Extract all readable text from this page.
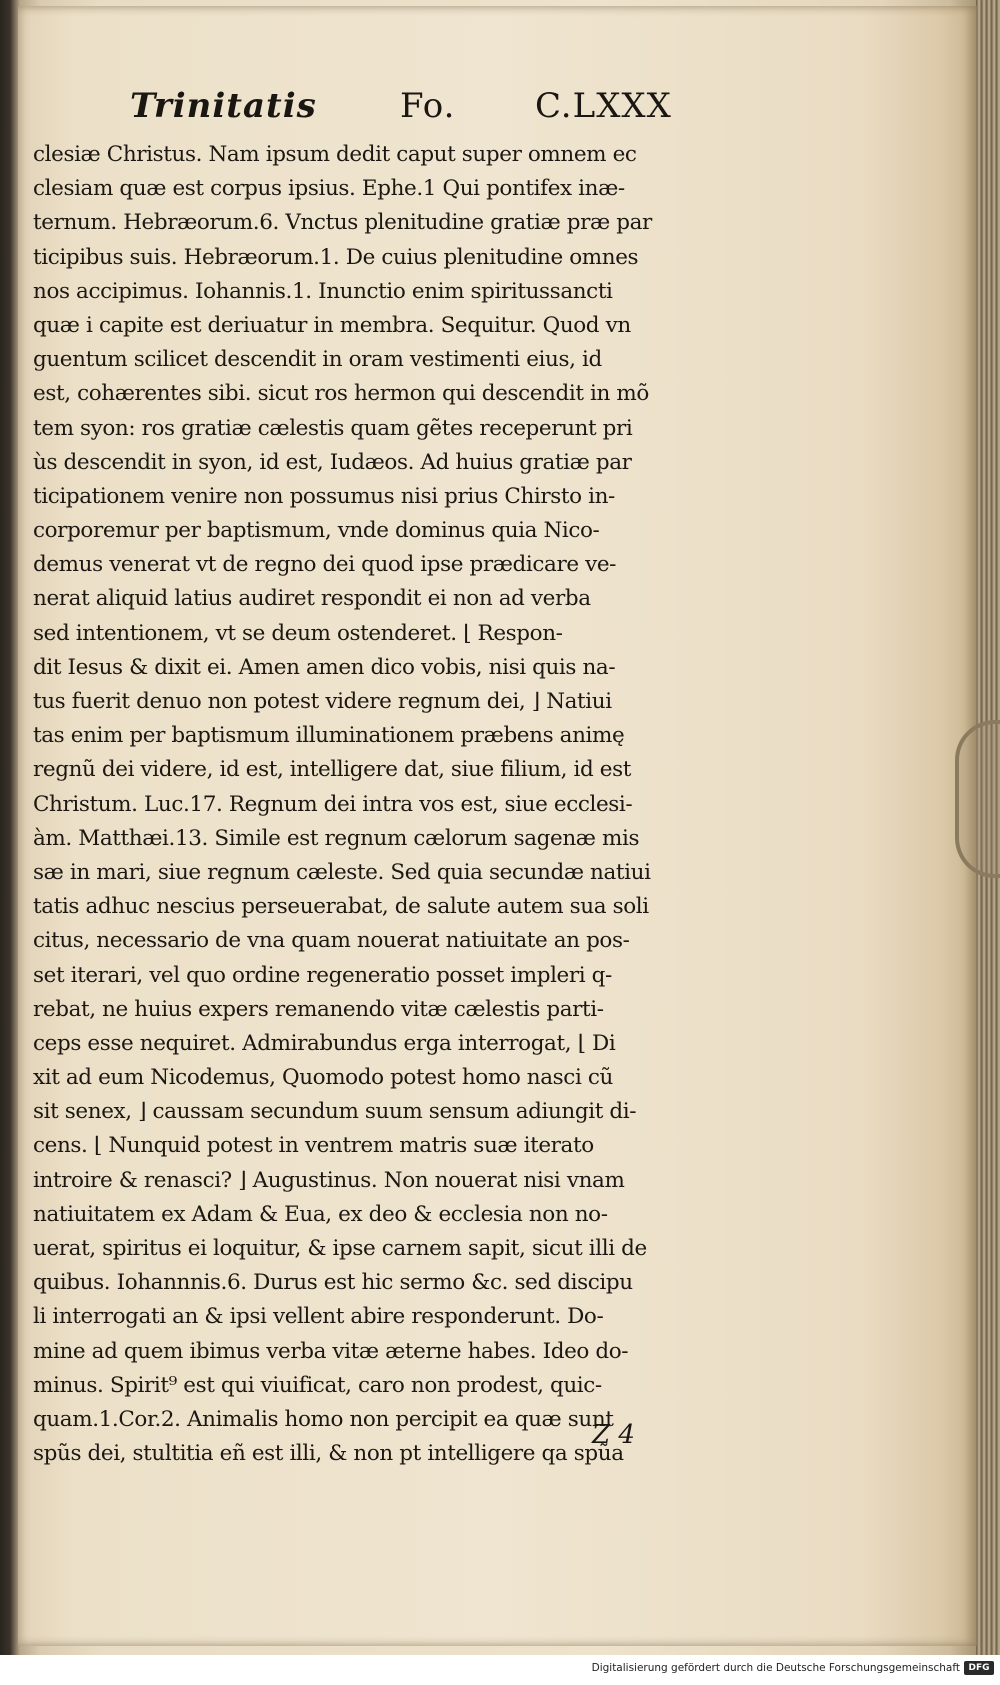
Trinitatis Fo. C.LXXX
clesiæ Christus. Nam ipsum dedit caput super omnem ec
clesiam quæ est corpus ipsius. Ephe.1 Qui pontifex inæ-
ternum. Hebræorum.6. Vnctus plenitudine gratiæ præ par
ticipibus suis. Hebræorum.1. De cuius plenitudine omnes
nos accipimus. Iohannis.1. Inunctio enim spiritussancti
quæ i capite est deriuatur in membra. Sequitur. Quod vn
guentum scilicet descendit in oram vestimenti eius, id
est, cohærentes sibi. sicut ros hermon qui descendit in mõ
tem syon: ros gratiæ cælestis quam gẽtes receperunt pri
ùs descendit in syon, id est, Iudæos. Ad huius gratiæ par
ticipationem venire non possumus nisi prius Chirsto in-
corporemur per baptismum, vnde dominus quia Nico-
demus venerat vt de regno dei quod ipse prædicare ve-
nerat aliquid latius audiret respondit ei non ad verba
sed intentionem, vt se deum ostenderet. ⌊ Respon-
dit Iesus & dixit ei. Amen amen dico vobis, nisi quis na-
tus fuerit denuo non potest videre regnum dei, ⌋ Natiui
tas enim per baptismum illuminationem præbens animę
regnũ dei videre, id est, intelligere dat, siue filium, id est
Christum. Luc.17. Regnum dei intra vos est, siue ecclesi-
àm. Matthæi.13. Simile est regnum cælorum sagenæ mis
sæ in mari, siue regnum cæleste. Sed quia secundæ natiui
tatis adhuc nescius perseuerabat, de salute autem sua soli
citus, necessario de vna quam nouerat natiuitate an pos-
set iterari, vel quo ordine regeneratio posset impleri q-
rebat, ne huius expers remanendo vitæ cælestis parti-
ceps esse nequiret. Admirabundus erga interrogat, ⌊ Di
xit ad eum Nicodemus, Quomodo potest homo nasci cũ
sit senex, ⌋ caussam secundum suum sensum adiungit di-
cens. ⌊ Nunquid potest in ventrem matris suæ iterato
introire & renasci? ⌋ Augustinus. Non nouerat nisi vnam
natiuitatem ex Adam & Eua, ex deo & ecclesia non no-
uerat, spiritus ei loquitur, & ipse carnem sapit, sicut illi de
quibus. Iohannnis.6. Durus est hic sermo &c. sed discipu
li interrogati an & ipsi vellent abire responderunt. Do-
mine ad quem ibimus verba vitæ æterne habes. Ideo do-
minus. Spirit⁹ est qui viuificat, caro non prodest, quic-
quam.1.Cor.2. Animalis homo non percipit ea quæ sunt
spũs dei, stultitia eñ est illi, & non pt intelligere qa spũa
Z 4
Digitalisierung gefördert durch die Deutsche Forschungsgemeinschaft DFG
